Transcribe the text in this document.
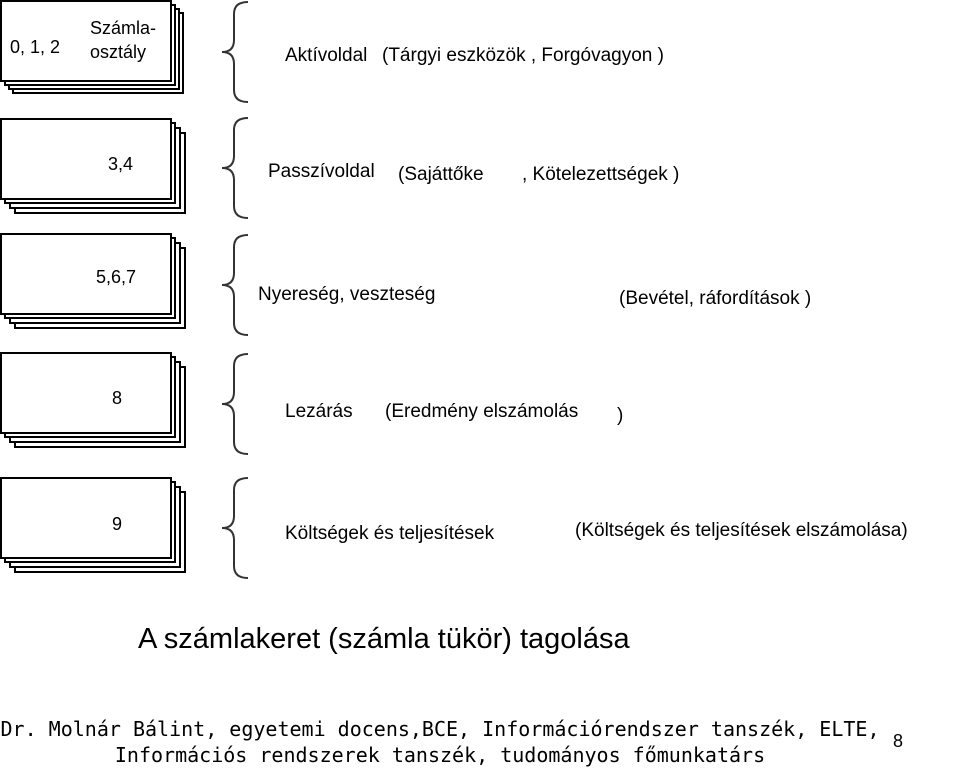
0, 1, 2
Számla-
osztály	Aktívoldal (Tárgyi eszközök , Forgóvagyon )
3,4	Passzívoldal (Sajáttőke , Kötelezettségek )
5,6,7
Nyereség, veszteség	(Bevétel, ráfordítások )
8
Lezárás (Eredmény elszámolás )
9	Költségek és teljesítések	(Költségek és teljesítések elszámolása)
A számlakeret (számla tükör) tagolása
Dr. Molnár Bálint, egyetemi docens,BCE, Információrendszer tanszék, ELTE,
Információs rendszerek tanszék, tudományos főmunkatárs
8
